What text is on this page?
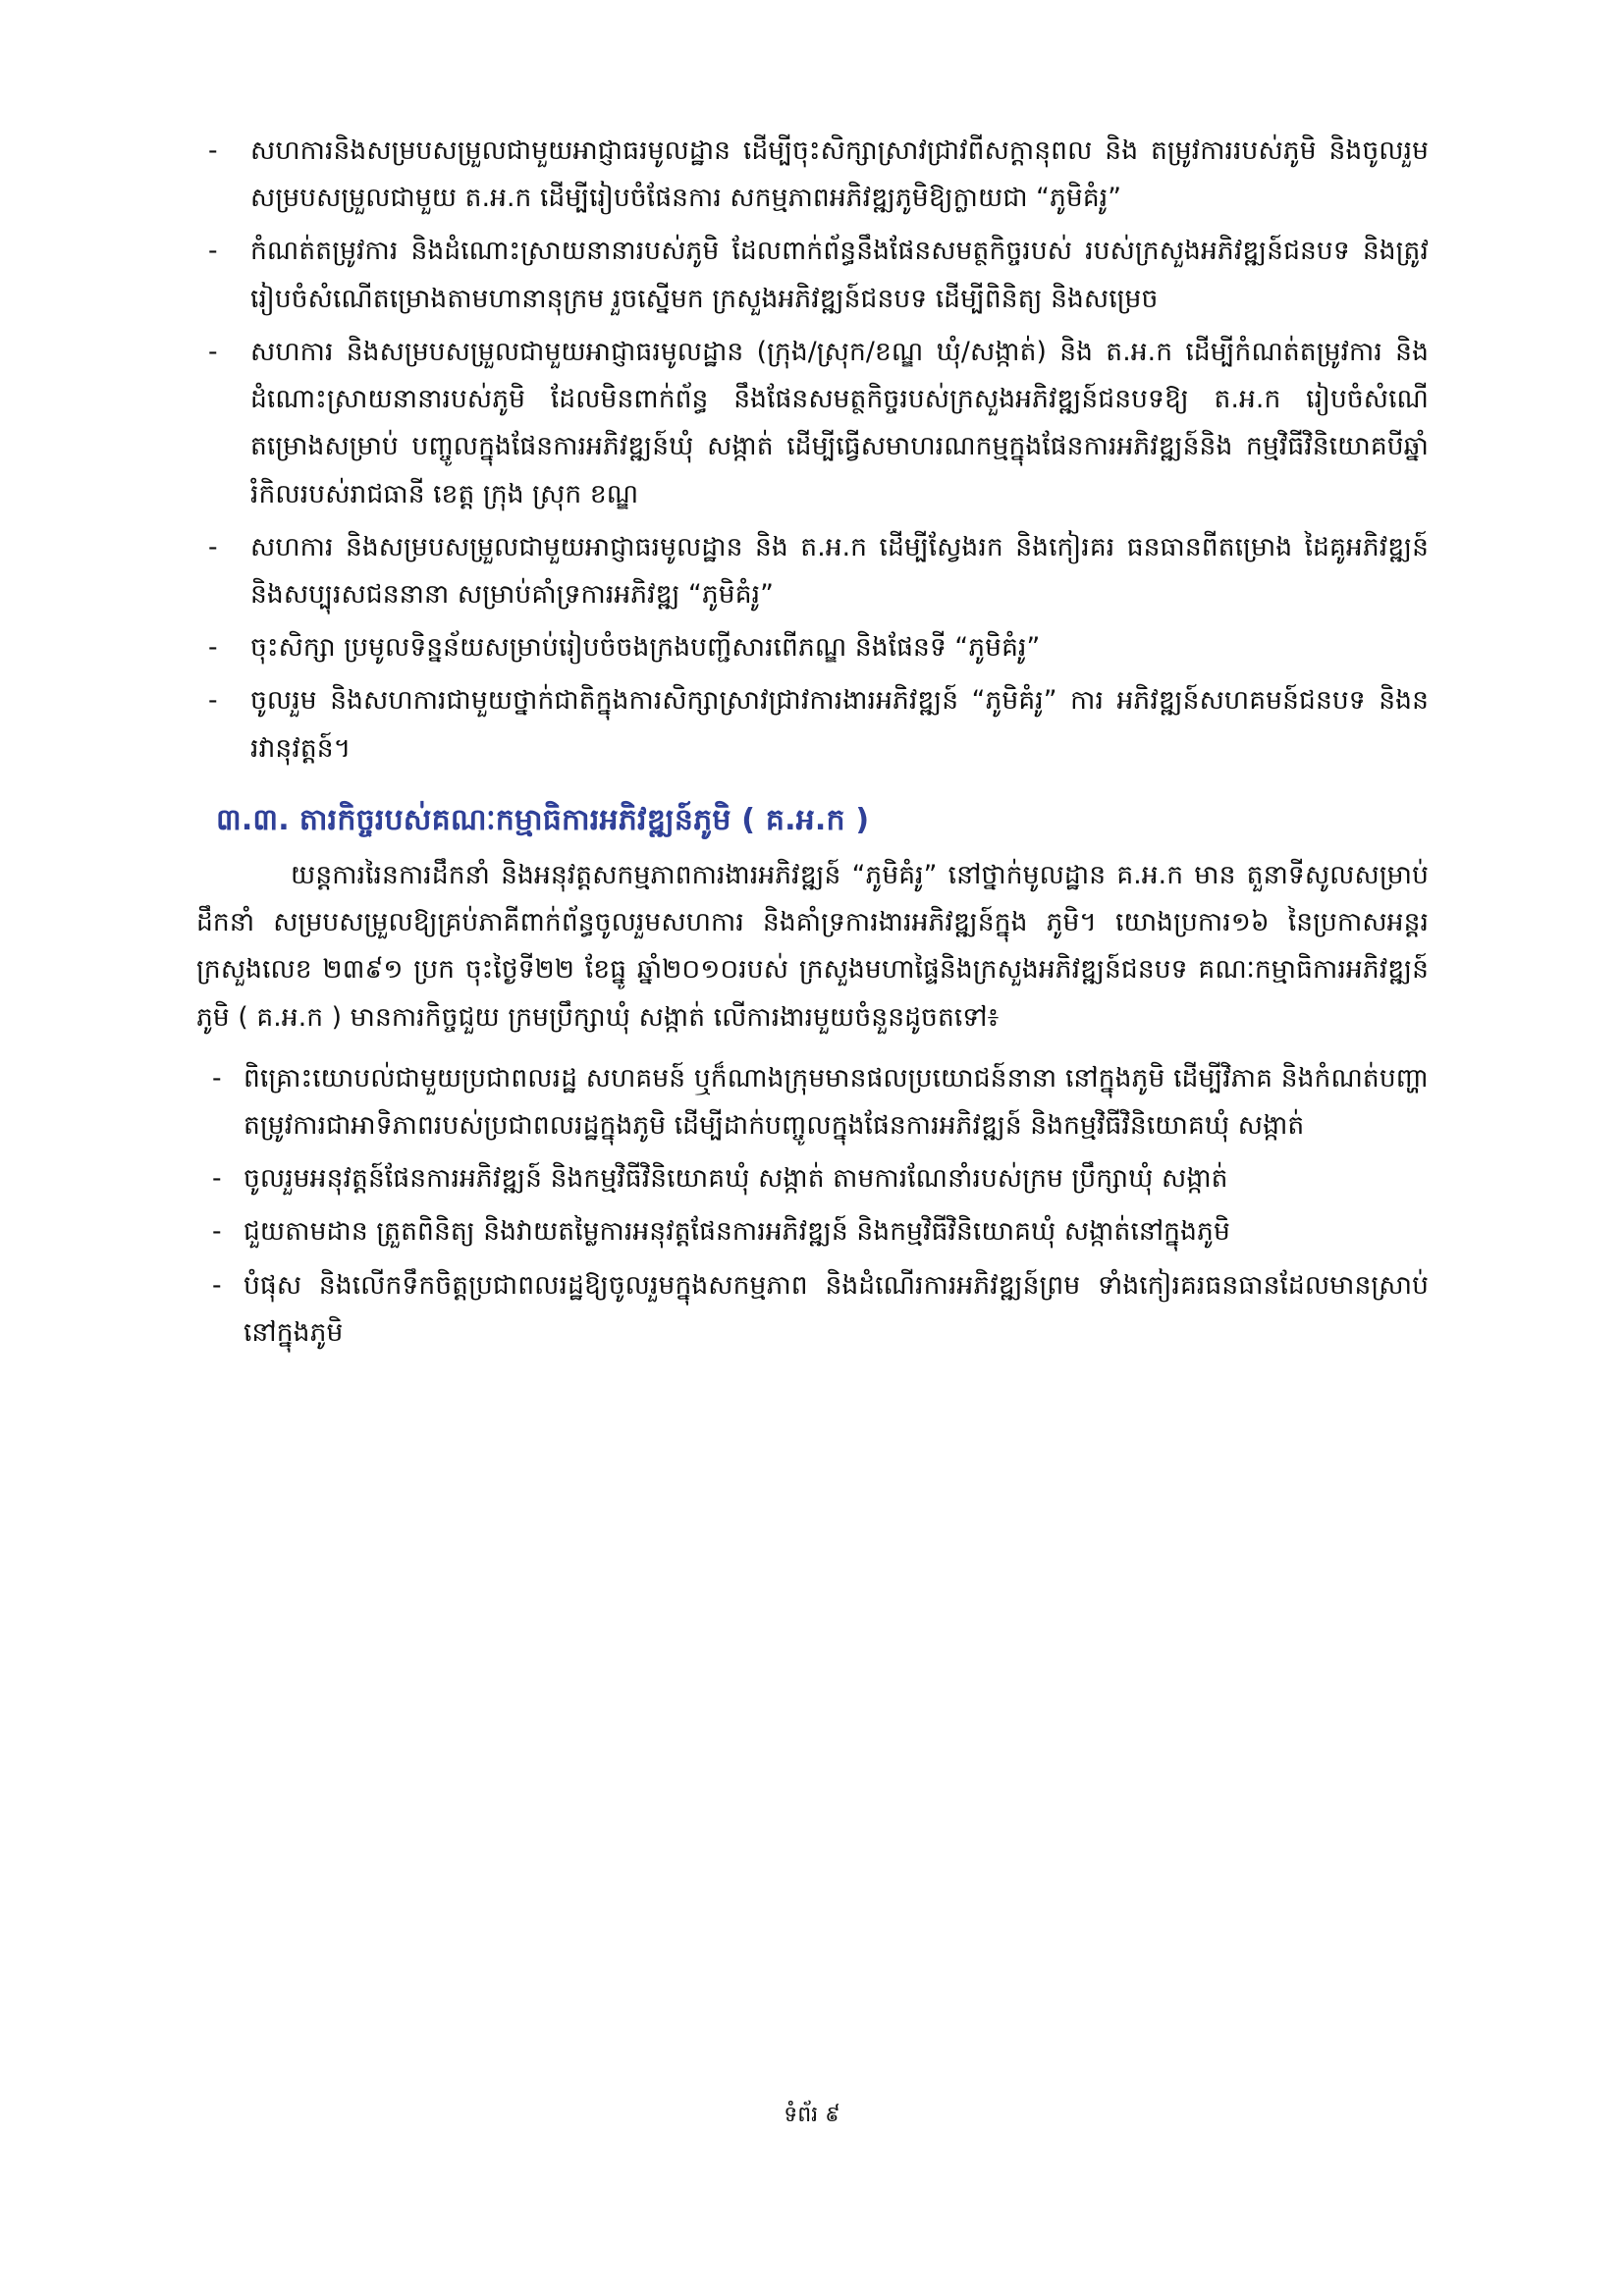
- សហការនិងសម្របសម្រួលជាមួយអាជ្ញាធរមូលដ្ឋាន ដើម្បីចុះសិក្សាស្រាវជ្រាវពីសក្តានុពល និង តម្រូវការរបស់ភូមិ និងចូលរួមសម្របសម្រួលជាមួយ ត.អ.ក ដើម្បីរៀបចំផែនការ សកម្មភាពអភិវឌ្ឍភូមិឱ្យក្លាយជា “ភូមិគំរូ”
- កំណត់តម្រូវការ និងដំណោះស្រាយនានារបស់ភូមិ ដែលពាក់ព័ន្ធនឹងផែនសមត្ថកិច្ចរបស់ របស់ក្រសួងអភិវឌ្ឍន៍ជនបទ និងត្រូវរៀបចំសំណើតម្រោងតាមហានានុក្រម រួចស្នើមក ក្រសួងអភិវឌ្ឍន៍ជនបទ ដើម្បីពិនិត្យ និងសម្រេច
- សហការ និងសម្របសម្រួលជាមួយអាជ្ញាធរមូលដ្ឋាន (ក្រុង/ស្រុក/ខណ្ឌ ឃុំ/សង្កាត់) និង ត.អ.ក ដើម្បីកំណត់តម្រូវការ និងដំណោះស្រាយនានារបស់ភូមិ ដែលមិនពាក់ព័ន្ធ នឹងផែនសមត្ថកិច្ចរបស់ក្រសួងអភិវឌ្ឍន៍ជនបទឱ្យ ត.អ.ក រៀបចំសំណើតម្រោងសម្រាប់ បញ្ចូលក្នុងផែនការអភិវឌ្ឍន៍ឃុំ សង្កាត់ ដើម្បីធ្វើសមាហរណកម្មក្នុងផែនការអភិវឌ្ឍន៍និង កម្មវិធីវិនិយោគបីឆ្នាំរំកិលរបស់រាជធានី ខេត្ត ក្រុង ស្រុក ខណ្ឌ
- សហការ និងសម្របសម្រួលជាមួយអាជ្ញាធរមូលដ្ឋាន និង ត.អ.ក ដើម្បីស្វែងរក និងកៀរគរ ធនធានពីតម្រោង ដៃគូអភិវឌ្ឍន៍ និងសប្បុរសជននានា សម្រាប់គាំទ្រការអភិវឌ្ឍ “ភូមិគំរូ”
- ចុះសិក្សា ប្រមូលទិន្នន័យសម្រាប់រៀបចំចងក្រងបញ្ជីសារពើភណ្ឌ និងផែនទី “ភូមិគំរូ”
- ចូលរួម និងសហការជាមួយថ្នាក់ជាតិក្នុងការសិក្សាស្រាវជ្រាវការងារអភិវឌ្ឍន៍ “ភូមិគំរូ” ការ អភិវឌ្ឍន៍សហគមន៍ជនបទ និងនរវានុវត្តន៍។
៣.៣. តារកិច្ចរបស់គណៈកម្មាធិការអភិវឌ្ឍន៍ភូមិ ( គ.អ.ក )

យន្តការរៃនការដឹកនាំ និងអនុវត្តសកម្មភាពការងារអភិវឌ្ឍន៍ “ភូមិគំរូ” នៅថ្នាក់មូលដ្ឋាន គ.អ.ក មាន តួនាទីសូលសម្រាប់ដឹកនាំ សម្របសម្រួលឱ្យគ្រប់ភាគីពាក់ព័ន្ធចូលរួមសហការ និងគាំទ្រការងារអភិវឌ្ឍន៍ក្នុង ភូមិ។ យោងប្រការ១៦ នៃប្រកាសអន្តរក្រសួងលេខ ២៣៩១ ប្រក ចុះថ្ងៃទី២២ ខែធ្នូ ឆ្នាំ២០១០របស់ ក្រសួងមហាផ្ទៃនិងក្រសួងអភិវឌ្ឍន៍ជនបទ គណៈកម្មាធិការអភិវឌ្ឍន៍ភូមិ ( គ.អ.ក ) មានការកិច្ចជួយ ក្រមប្រឹក្សាឃុំ សង្កាត់ លើការងារមួយចំនួនដូចតទៅ៖

- ពិគ្រោះយោបល់ជាមួយប្រជាពលរដ្ឋ សហគមន៍ ឬក៏ណាងក្រុមមានផលប្រយោជន៍នានា នៅក្នុងភូមិ ដើម្បីវិភាគ និងកំណត់បញ្ហា តម្រូវការជាអាទិភាពរបស់ប្រជាពលរដ្ឋក្នុងភូមិ ដើម្បីដាក់បញ្ចូលក្នុងផែនការអភិវឌ្ឍន៍ និងកម្មវិធីវិនិយោគឃុំ សង្កាត់
- ចូលរួមអនុវត្តន៍ផែនការអភិវឌ្ឍន៍ និងកម្មវិធីវិនិយោគឃុំ សង្កាត់ តាមការណែនាំរបស់ក្រម ប្រឹក្សាឃុំ សង្កាត់
- ជួយតាមដាន ត្រួតពិនិត្យ និងវាយតម្លៃការអនុវត្តផែនការអភិវឌ្ឍន៍ និងកម្មវិធីវិនិយោគឃុំ សង្កាត់នៅក្នុងភូមិ
- បំផុស និងលើកទឹកចិត្តប្រជាពលរដ្ឋឱ្យចូលរួមក្នុងសកម្មភាព និងដំណើរការអភិវឌ្ឍន៍ព្រម ទាំងកៀរគរធនធានដែលមានស្រាប់នៅក្នុងភូមិ
ទំព័រ ៩
